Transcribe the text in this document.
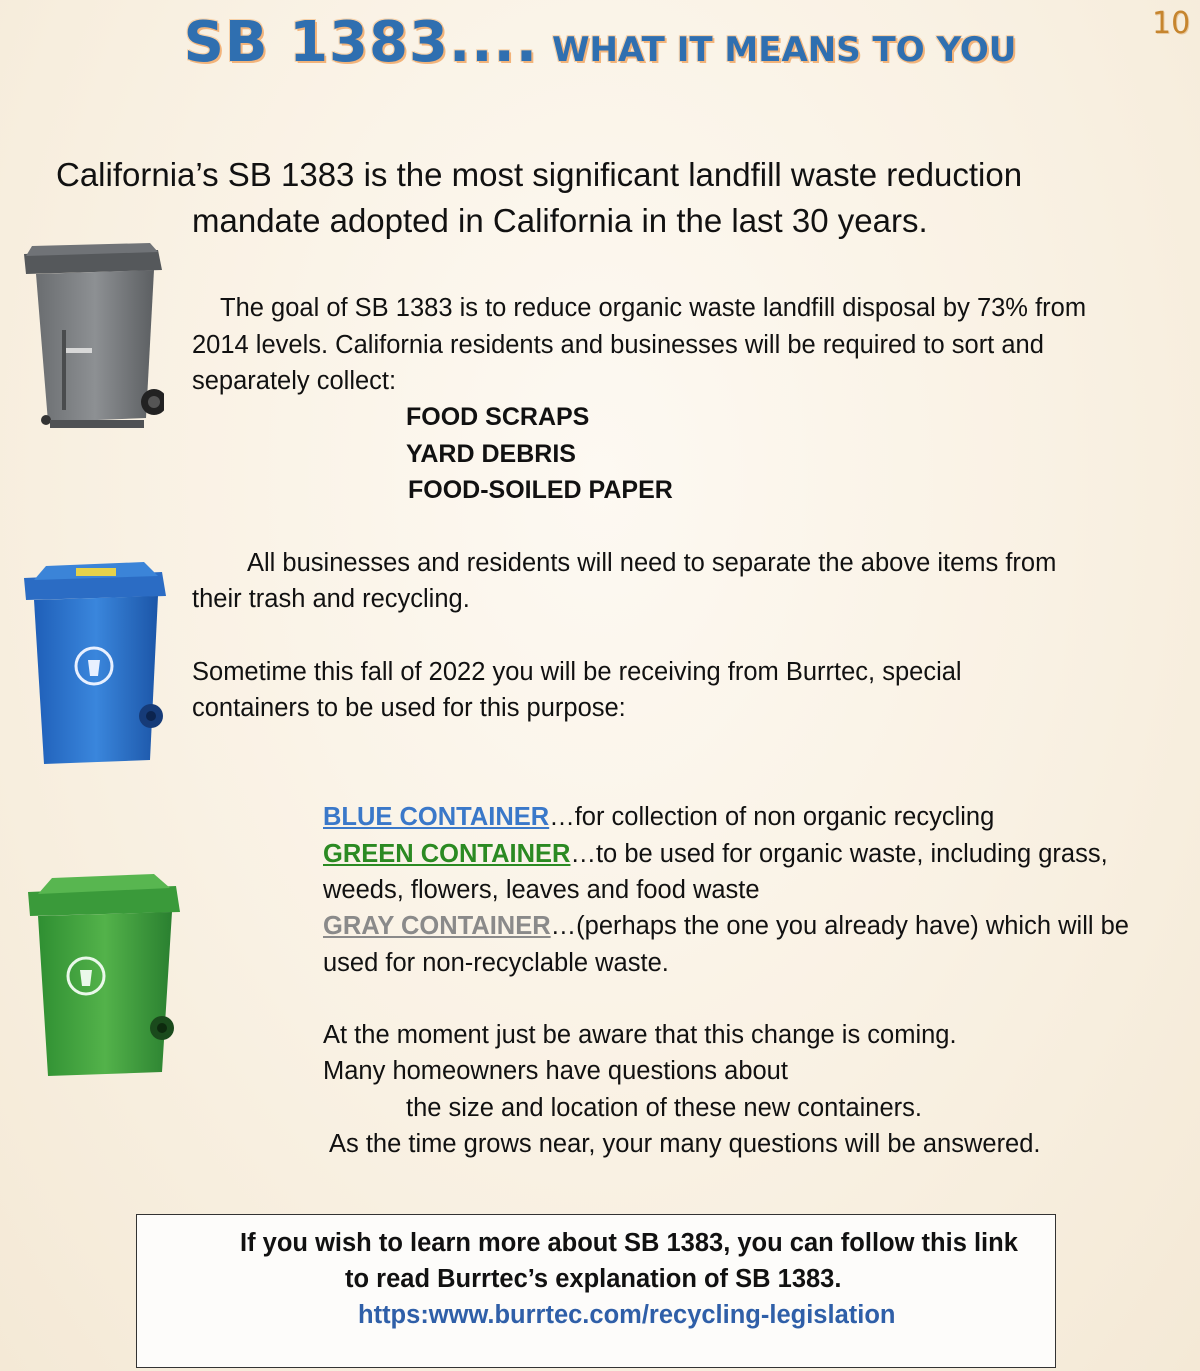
SB 1383.... WHAT IT MEANS TO YOU
10
California’s SB 1383 is the most significant landfill waste reduction
mandate adopted in California in the last 30 years.
The goal of SB 1383 is to reduce organic waste landfill disposal by 73% from
2014 levels. California residents and businesses will be required to sort and
separately collect:
FOOD SCRAPS
YARD DEBRIS
FOOD-SOILED PAPER
All businesses and residents will need to separate the above items from
their trash and recycling.
Sometime this fall of 2022 you will be receiving from Burrtec, special
containers to be used for this purpose:
BLUE CONTAINER…for collection of non organic recycling
GREEN CONTAINER…to be used for organic waste, including grass,
weeds, flowers, leaves and food waste
GRAY CONTAINER…(perhaps the one you already have) which will be
used for non-recyclable waste.
At the moment just be aware that this change is coming.
Many homeowners have questions about
the size and location of these new containers.
As the time grows near, your many questions will be answered.
If you wish to learn more about SB 1383, you can follow this link
to read Burrtec’s explanation of SB 1383.
https:www.burrtec.com/recycling-legislation
